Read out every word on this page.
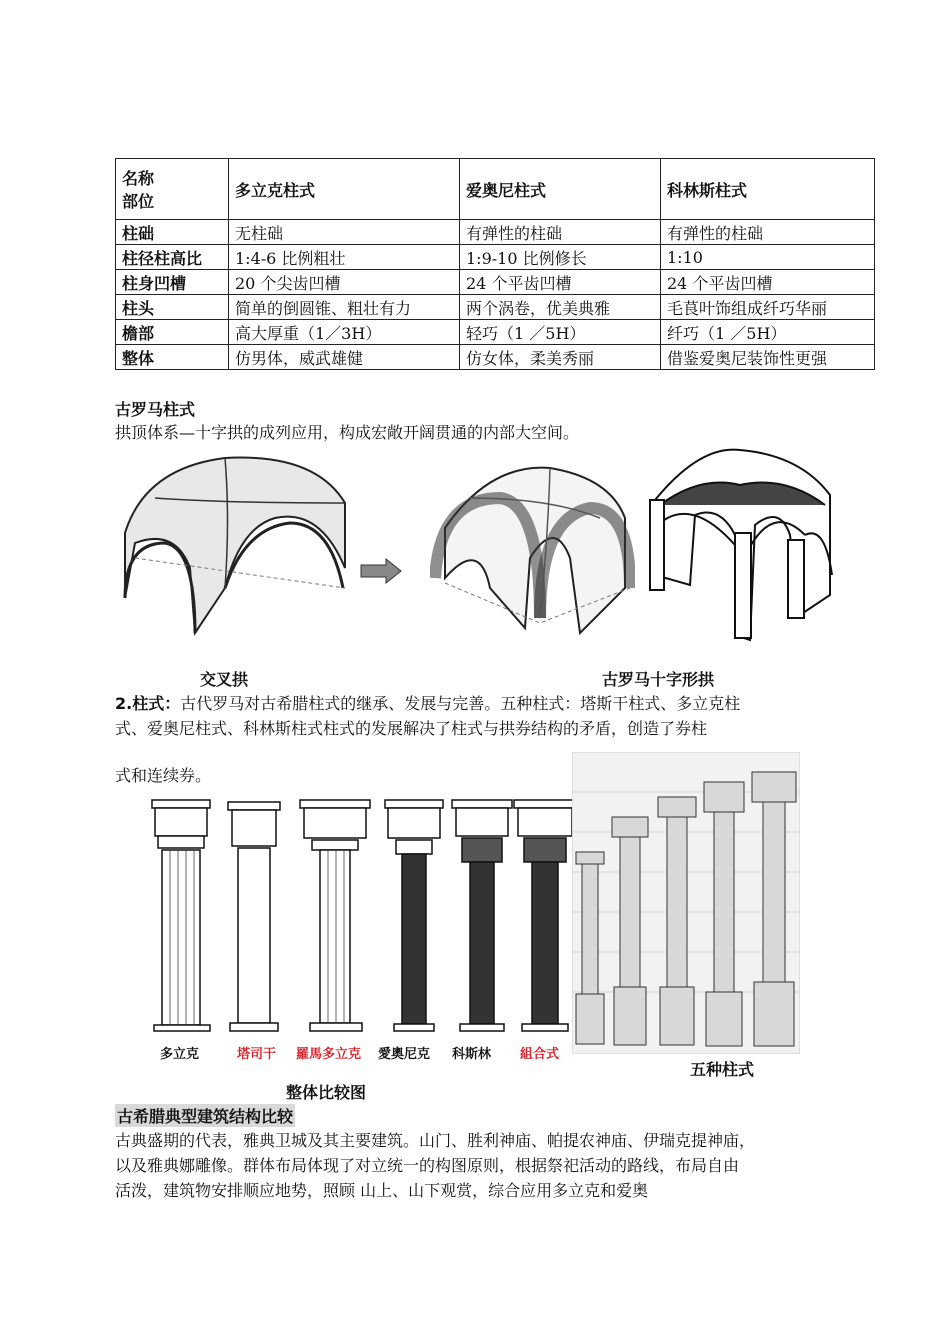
名称
部位	多立克柱式	爱奥尼柱式	科林斯柱式
柱础	无柱础	有弹性的柱础	有弹性的柱础
柱径柱高比	1:4-6 比例粗壮	1:9-10 比例修长	1:10
柱身凹槽	20 个尖齿凹槽	24 个平齿凹槽	24 个平齿凹槽
柱头	简单的倒圆锥、粗壮有力	两个涡卷，优美典雅	毛茛叶饰组成纤巧华丽
檐部	高大厚重（1／3H）	轻巧（1 ／5H）	纤巧（1 ／5H）
整体	仿男体，威武雄健	仿女体，柔美秀丽	借鉴爱奥尼装饰性更强
古罗马柱式
拱顶体系—十字拱的成列应用，构成宏敞开阔贯通的内部大空间。
交叉拱	古罗马十字形拱
2.柱式：古代罗马对古希腊柱式的继承、发展与完善。五种柱式：塔斯干柱式、多立克柱
式、爱奥尼柱式、科林斯柱式柱式的发展解决了柱式与拱券结构的矛盾，创造了券柱
式和连续券。
多立克	塔司干 羅馬多立克 愛奧尼克 科斯林 組合式
整体比较图
五种柱式
古希腊典型建筑结构比较
古典盛期的代表，雅典卫城及其主要建筑。山门、胜利神庙、帕提农神庙、伊瑞克提神庙，
以及雅典娜雕像。群体布局体现了对立统一的构图原则，根据祭祀活动的路线，布局自由
活泼，建筑物安排顺应地势，照顾 山上、山下观赏，综合应用多立克和爱奥
